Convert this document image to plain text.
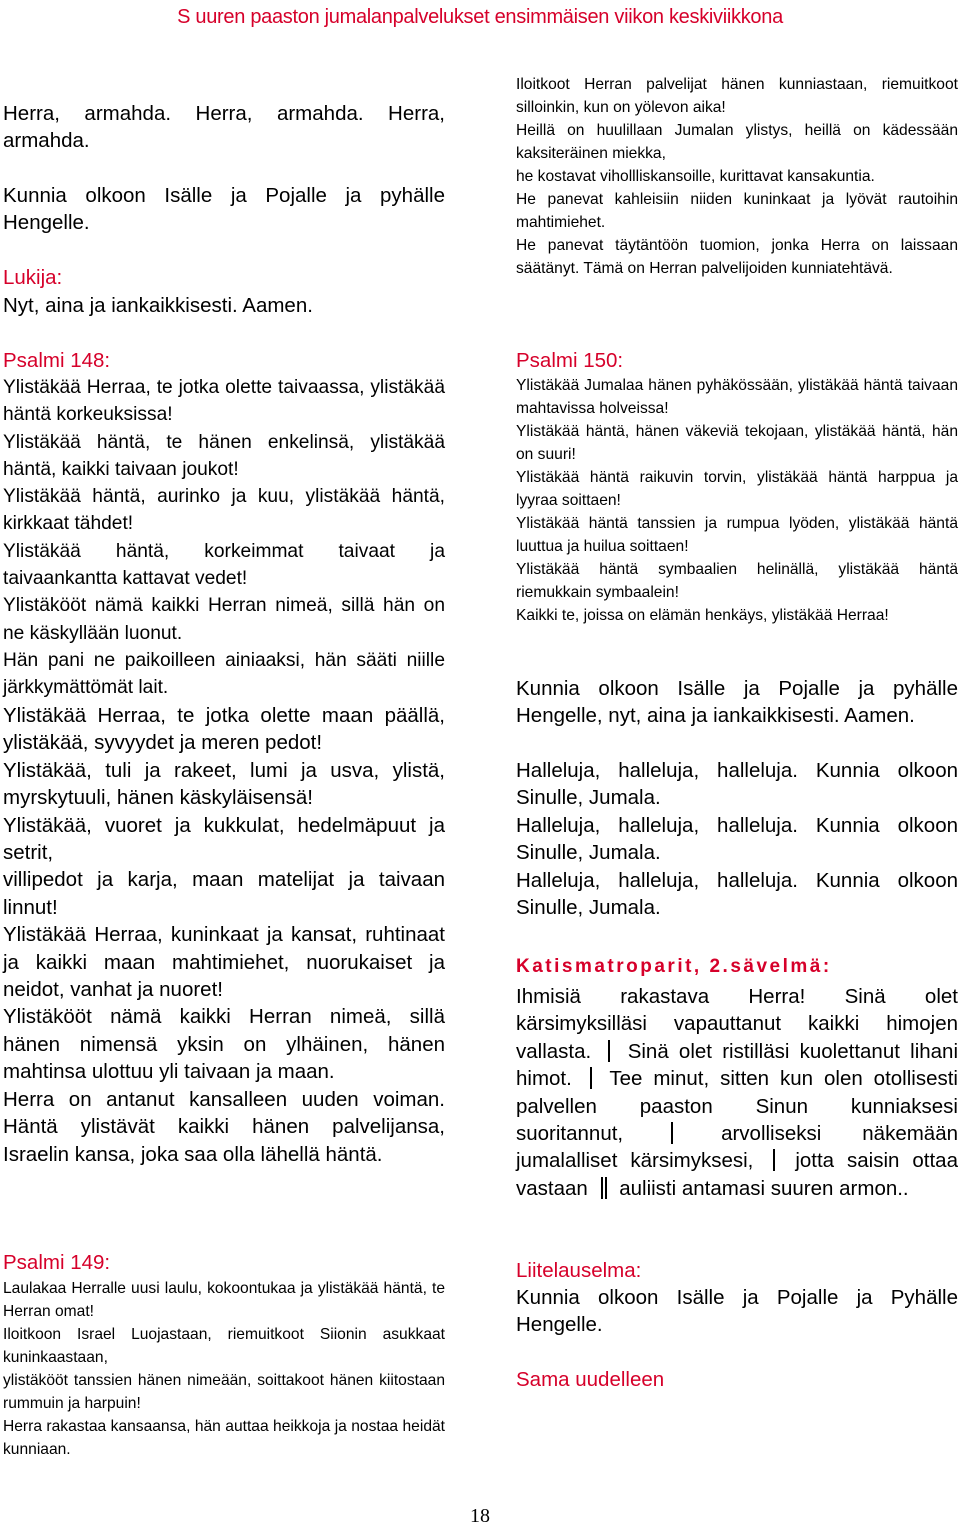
S uuren paaston jumalanpalvelukset ensimmäisen viikon keskiviikkona

Herra, armahda. Herra, armahda. Herra, armahda.

Kunnia olkoon Isälle ja Pojalle ja pyhälle Hengelle.

Lukija:

Nyt, aina ja iankaikkisesti. Aamen.

Psalmi 148:

Ylistäkää Herraa, te jotka olette taivaassa, ylistäkää häntä korkeuksissa!

Ylistäkää häntä, te hänen enkelinsä, ylistäkää häntä, kaikki taivaan joukot!

Ylistäkää häntä, aurinko ja kuu, ylistäkää häntä, kirkkaat tähdet!

Ylistäkää häntä, korkeimmat taivaat ja taivaankantta kattavat vedet!

Ylistäkööt nämä kaikki Herran nimeä, sillä hän on ne käskyllään luonut.

Hän pani ne paikoilleen ainiaaksi, hän sääti niille järkkymättömät lait.

Ylistäkää Herraa, te jotka olette maan päällä, ylistäkää, syvyydet ja meren pedot!

Ylistäkää, tuli ja rakeet, lumi ja usva, ylistä, myrskytuuli, hänen käskyläisensä!

Ylistäkää, vuoret ja kukkulat, hedelmäpuut ja setrit,

villipedot ja karja, maan matelijat ja taivaan linnut!

Ylistäkää Herraa, kuninkaat ja kansat, ruhtinaat ja kaikki maan mahtimiehet, nuorukaiset ja neidot, vanhat ja nuoret!

Ylistäkööt nämä kaikki Herran nimeä, sillä hänen nimensä yksin on ylhäinen, hänen mahtinsa ulottuu yli taivaan ja maan.

Herra on antanut kansalleen uuden voiman. Häntä ylistävät kaikki hänen palvelijansa, Israelin kansa, joka saa olla lähellä häntä.

Psalmi 149:

Laulakaa Herralle uusi laulu, kokoontukaa ja ylistäkää häntä, te Herran omat!

Iloitkoon Israel Luojastaan, riemuitkoot Siionin asukkaat kuninkaastaan,

ylistäkööt tanssien hänen nimeään, soittakoot hänen kiitostaan rummuin ja harpuin!

Herra rakastaa kansaansa, hän auttaa heikkoja ja nostaa heidät kunniaan.

Iloitkoot Herran palvelijat hänen kunniastaan, riemuitkoot silloinkin, kun on yölevon aika!

Heillä on huulillaan Jumalan ylistys, heillä on kädessään kaksiteräinen miekka,

he kostavat vihollliskansoille, kurittavat kansakuntia.

He panevat kahleisiin niiden kuninkaat ja lyövät rautoihin mahtimiehet.

He panevat täytäntöön tuomion, jonka Herra on laissaan säätänyt. Tämä on Herran palvelijoiden kunniatehtävä.

Psalmi 150:

Ylistäkää Jumalaa hänen pyhäkössään, ylistäkää häntä taivaan mahtavissa holveissa!

Ylistäkää häntä, hänen väkeviä tekojaan, ylistäkää häntä, hän on suuri!

Ylistäkää häntä raikuvin torvin, ylistäkää häntä harppua ja lyyraa soittaen!

Ylistäkää häntä tanssien ja rumpua lyöden, ylistäkää häntä luuttua ja huilua soittaen!

Ylistäkää häntä symbaalien helinällä, ylistäkää häntä riemukkain symbaalein!

Kaikki te, joissa on elämän henkäys, ylistäkää Herraa!

Kunnia olkoon Isälle ja Pojalle ja pyhälle Hengelle, nyt, aina ja iankaikkisesti. Aamen.

Halleluja, halleluja, halleluja. Kunnia olkoon Sinulle, Jumala.

Halleluja, halleluja, halleluja. Kunnia olkoon Sinulle, Jumala.

Halleluja, halleluja, halleluja. Kunnia olkoon Sinulle, Jumala.

Katismatroparit, 2.sävelmä:

Ihmisiä rakastava Herra! Sinä olet kärsimyksilläsi vapauttanut kaikki himojen vallasta. Sinä olet ristilläsi kuolettanut lihani himot. Tee minut, sitten kun olen otollisesti palvellen paaston Sinun kunniaksesi suoritannut,	arvolliseksi näkemään jumalalliset kärsimyksesi, jotta saisin ottaa vastaan auliisti antamasi suuren armon..

Liitelauselma:

Kunnia olkoon Isälle ja Pojalle ja Pyhälle Hengelle.

Sama uudelleen

18
